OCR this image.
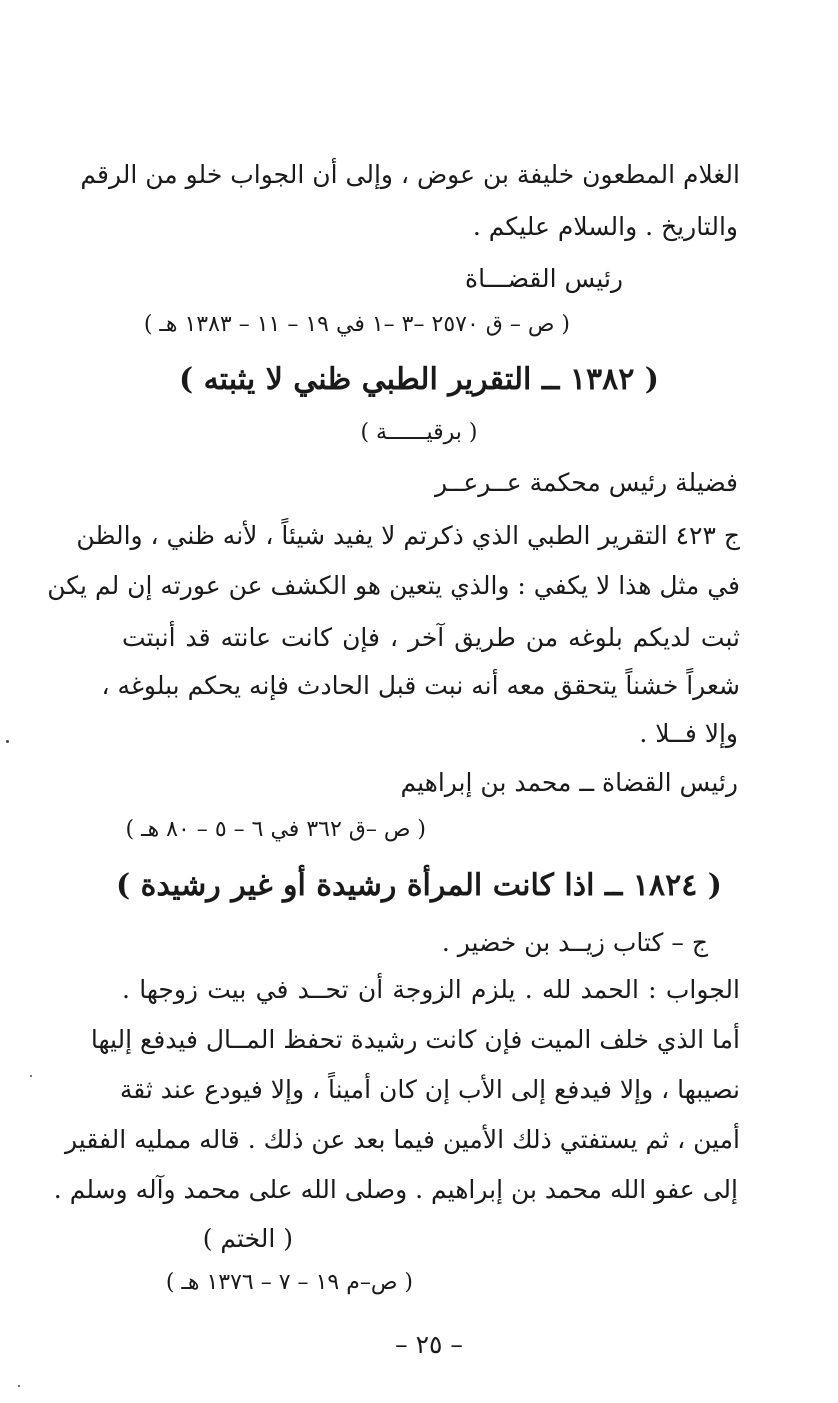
الغلام المطعون خليفة بن عوض ، وإلى أن الجواب خلو من الرقم
والتاريخ . والسلام عليكم .
رئيس القضـــاة
( ص – ق ٢٥٧٠ –٣ –١ في ١٩ – ١١ – ١٣٨٣ هـ )
( ١٣٨٢ ــ التقرير الطبي ظني لا يثبته )
( برقيــــــة )
فضيلة رئيس محكمة عــرعــر
ج ٤٢٣ التقرير الطبي الذي ذكرتم لا يفيد شيئاً ، لأنه ظني ، والظن
في مثل هذا لا يكفي : والذي يتعين هو الكشف عن عورته إن لم يكن
ثبت لديكم بلوغه من طريق آخر ، فإن كانت عانته قد أنبتت
شعراً خشناً يتحقق معه أنه نبت قبل الحادث فإنه يحكم ببلوغه ،
وإلا فــلا .
رئيس القضاة ــ محمد بن إبراهيم
( ص –ق ٣٦٢ في ٦ – ٥ – ٨٠ هـ )
( ١٨٢٤ ــ اذا كانت المرأة رشيدة أو غير رشيدة )
ج – كتاب زيــد بن خضير .
الجواب : الحمد لله . يلزم الزوجة أن تحــد في بيت زوجها .
أما الذي خلف الميت فإن كانت رشيدة تحفظ المــال فيدفع إليها
نصيبها ، وإلا فيدفع إلى الأب إن كان أميناً ، وإلا فيودع عند ثقة
أمين ، ثم يستفتي ذلك الأمين فيما بعد عن ذلك . قاله ممليه الفقير
إلى عفو الله محمد بن إبراهيم . وصلى الله على محمد وآله وسلم .
( الختم )
( ص–م ١٩ – ٧ – ١٣٧٦ هـ )
– ٢٥ –
